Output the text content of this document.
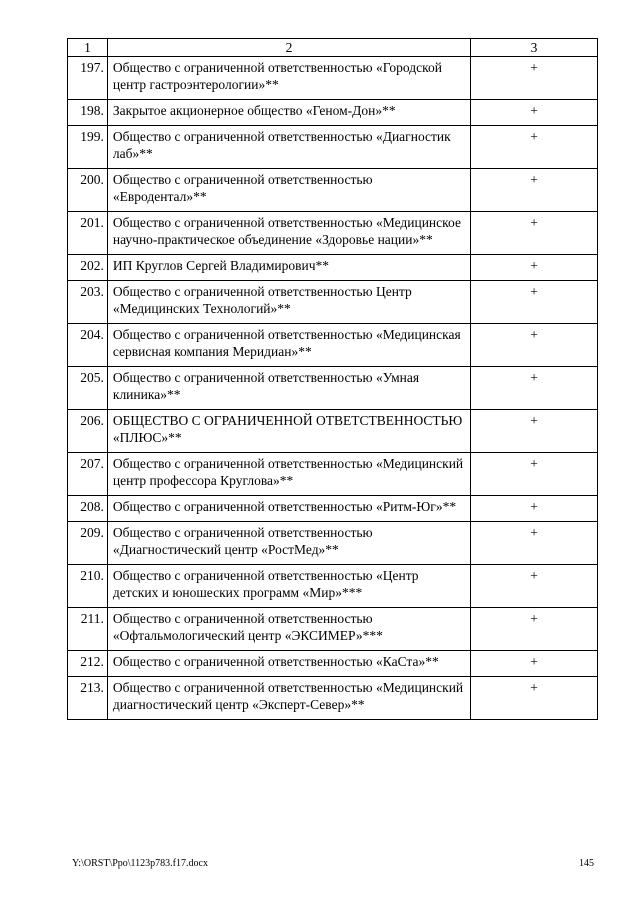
1	2	3
197.	Общество с ограниченной ответственностью «Городской центр гастроэнтерологии»**	+
198.	Закрытое акционерное общество «Геном-Дон»**	+
199.	Общество с ограниченной ответственностью «Диагностик лаб»**	+
200.	Общество с ограниченной ответственностью «Евродентал»**	+
201.	Общество с ограниченной ответственностью «Медицинское научно-практическое объединение «Здоровье нации»**	+
202.	ИП Круглов Сергей Владимирович**	+
203.	Общество с ограниченной ответственностью Центр «Медицинских Технологий»**	+
204.	Общество с ограниченной ответственностью «Медицинская сервисная компания Меридиан»**	+
205.	Общество с ограниченной ответственностью «Умная клиника»**	+
206.	ОБЩЕСТВО С ОГРАНИЧЕННОЙ ОТВЕТСТВЕННОСТЬЮ «ПЛЮС»**	+
207.	Общество с ограниченной ответственностью «Медицинский центр профессора Круглова»**	+
208.	Общество с ограниченной ответственностью «Ритм-Юг»**	+
209.	Общество с ограниченной ответственностью «Диагностический центр «РостМед»**	+
210.	Общество с ограниченной ответственностью «Центр детских и юношеских программ «Мир»***	+
211.	Общество с ограниченной ответственностью «Офтальмологический центр «ЭКСИМЕР»***	+
212.	Общество с ограниченной ответственностью «КаСта»**	+
213.	Общество с ограниченной ответственностью «Медицинский диагностический центр «Эксперт-Север»**	+
Y:\ORST\Ppo\1123p783.f17.docx	145
